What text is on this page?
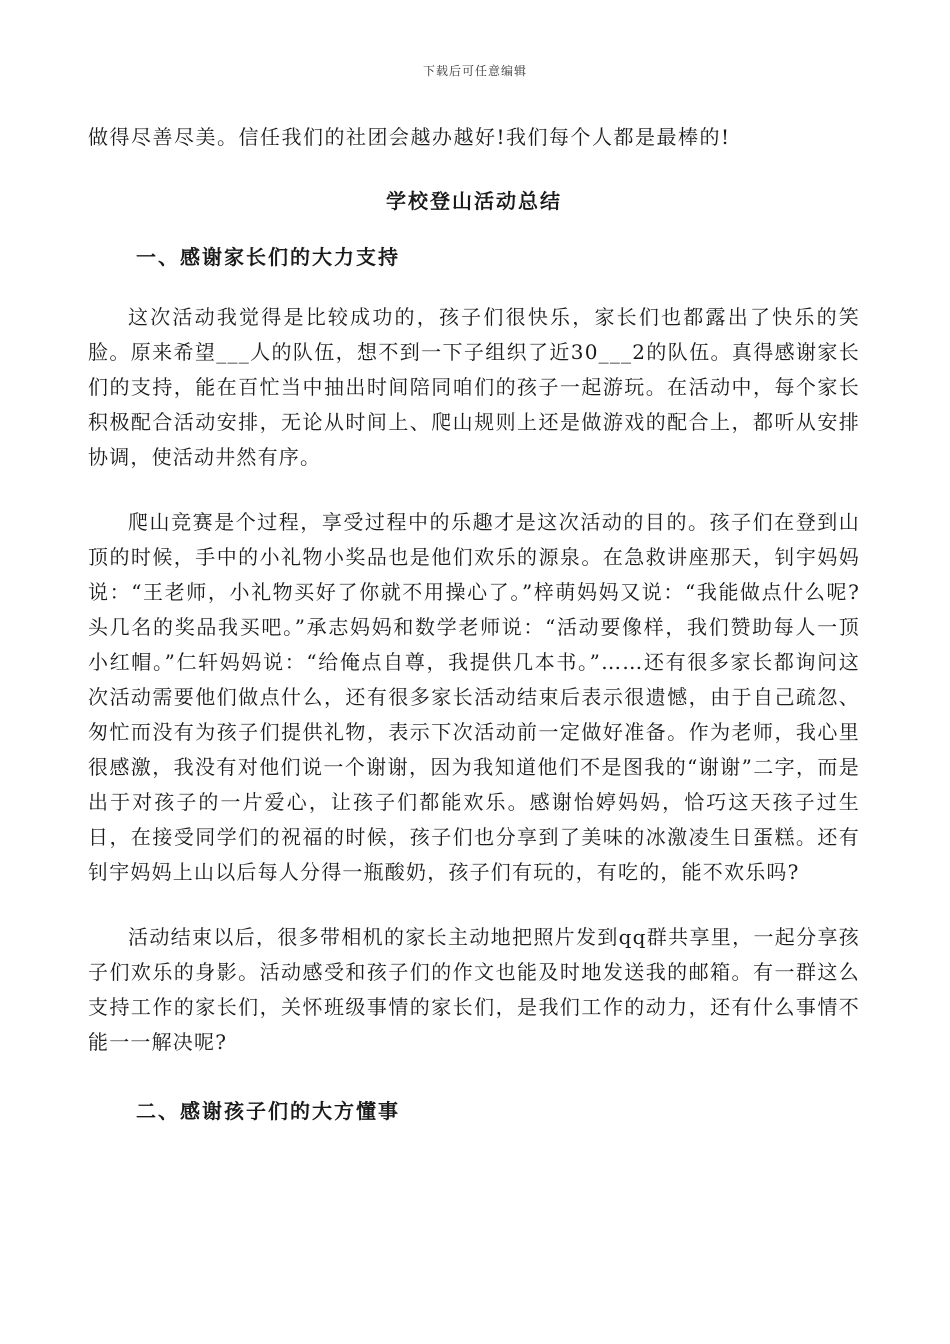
下载后可任意编辑

做得尽善尽美。信任我们的社团会越办越好!我们每个人都是最棒的!

学校登山活动总结
一、感谢家长们的大力支持

这次活动我觉得是比较成功的，孩子们很快乐，家长们也都露出了快乐的笑脸。原来希望___人的队伍，想不到一下子组织了近30___2的队伍。真得感谢家长们的支持，能在百忙当中抽出时间陪同咱们的孩子一起游玩。在活动中，每个家长积极配合活动安排，无论从时间上、爬山规则上还是做游戏的配合上，都听从安排协调，使活动井然有序。

爬山竞赛是个过程，享受过程中的乐趣才是这次活动的目的。孩子们在登到山顶的时候，手中的小礼物小奖品也是他们欢乐的源泉。在急救讲座那天，钊宇妈妈说：“王老师，小礼物买好了你就不用操心了。”梓萌妈妈又说：“我能做点什么呢?头几名的奖品我买吧。”承志妈妈和数学老师说：“活动要像样，我们赞助每人一顶小红帽。”仁轩妈妈说：“给俺点自尊，我提供几本书。”……还有很多家长都询问这次活动需要他们做点什么，还有很多家长活动结束后表示很遗憾，由于自己疏忽、匆忙而没有为孩子们提供礼物，表示下次活动前一定做好准备。作为老师，我心里很感激，我没有对他们说一个谢谢，因为我知道他们不是图我的“谢谢”二字，而是出于对孩子的一片爱心，让孩子们都能欢乐。感谢怡婷妈妈，恰巧这天孩子过生日，在接受同学们的祝福的时候，孩子们也分享到了美味的冰激凌生日蛋糕。还有钊宇妈妈上山以后每人分得一瓶酸奶，孩子们有玩的，有吃的，能不欢乐吗?

活动结束以后，很多带相机的家长主动地把照片发到qq群共享里，一起分享孩子们欢乐的身影。活动感受和孩子们的作文也能及时地发送我的邮箱。有一群这么支持工作的家长们，关怀班级事情的家长们，是我们工作的动力，还有什么事情不能一一解决呢?

二、感谢孩子们的大方懂事
